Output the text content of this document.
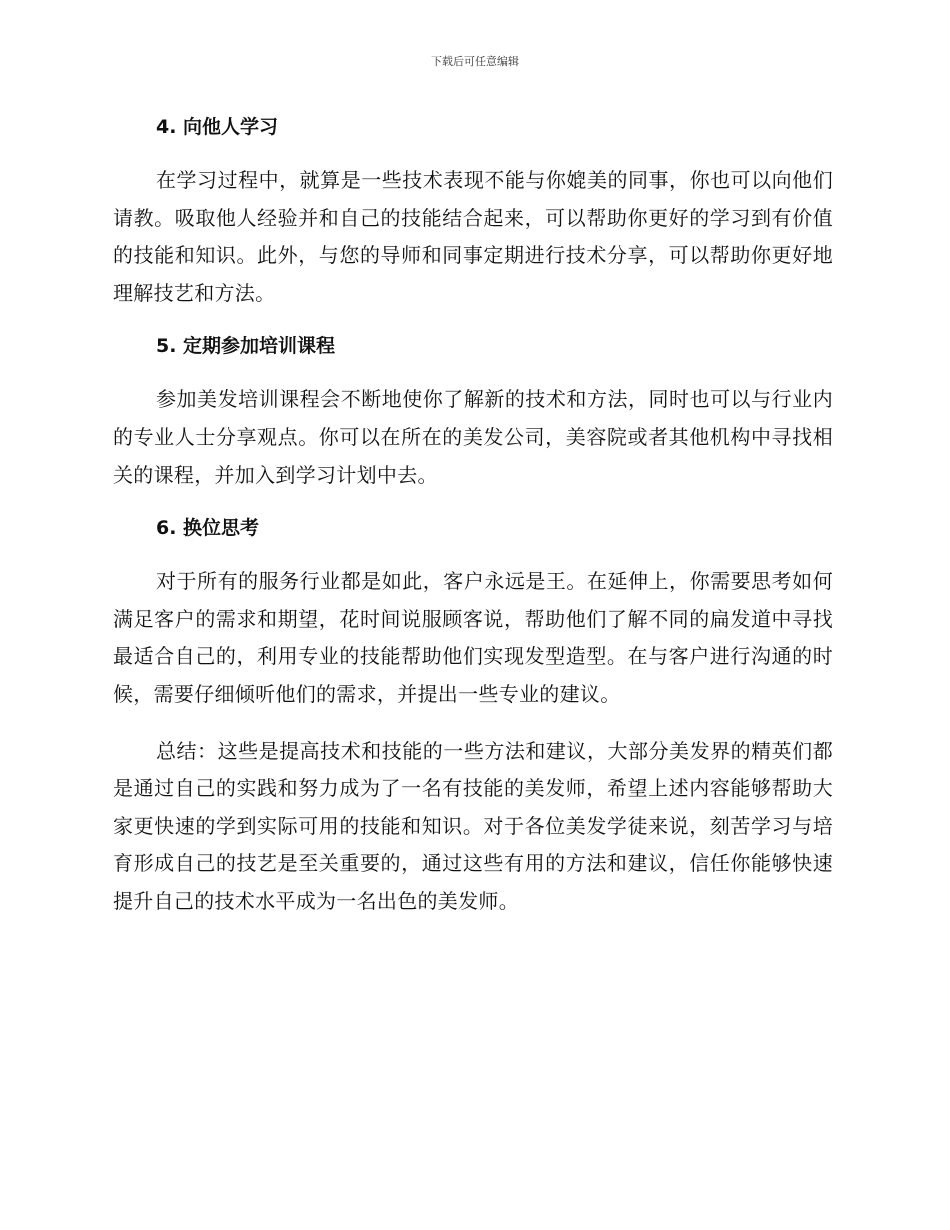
下载后可任意编辑
4. 向他人学习

在学习过程中，就算是一些技术表现不能与你媲美的同事，你也可以向他们请教。吸取他人经验并和自己的技能结合起来，可以帮助你更好的学习到有价值的技能和知识。此外，与您的导师和同事定期进行技术分享，可以帮助你更好地理解技艺和方法。

5. 定期参加培训课程

参加美发培训课程会不断地使你了解新的技术和方法，同时也可以与行业内的专业人士分享观点。你可以在所在的美发公司，美容院或者其他机构中寻找相关的课程，并加入到学习计划中去。

6. 换位思考

对于所有的服务行业都是如此，客户永远是王。在延伸上，你需要思考如何满足客户的需求和期望，花时间说服顾客说，帮助他们了解不同的扁发道中寻找最适合自己的，利用专业的技能帮助他们实现发型造型。在与客户进行沟通的时候，需要仔细倾听他们的需求，并提出一些专业的建议。

总结：这些是提高技术和技能的一些方法和建议，大部分美发界的精英们都是通过自己的实践和努力成为了一名有技能的美发师，希望上述内容能够帮助大家更快速的学到实际可用的技能和知识。对于各位美发学徒来说，刻苦学习与培育形成自己的技艺是至关重要的，通过这些有用的方法和建议，信任你能够快速提升自己的技术水平成为一名出色的美发师。
